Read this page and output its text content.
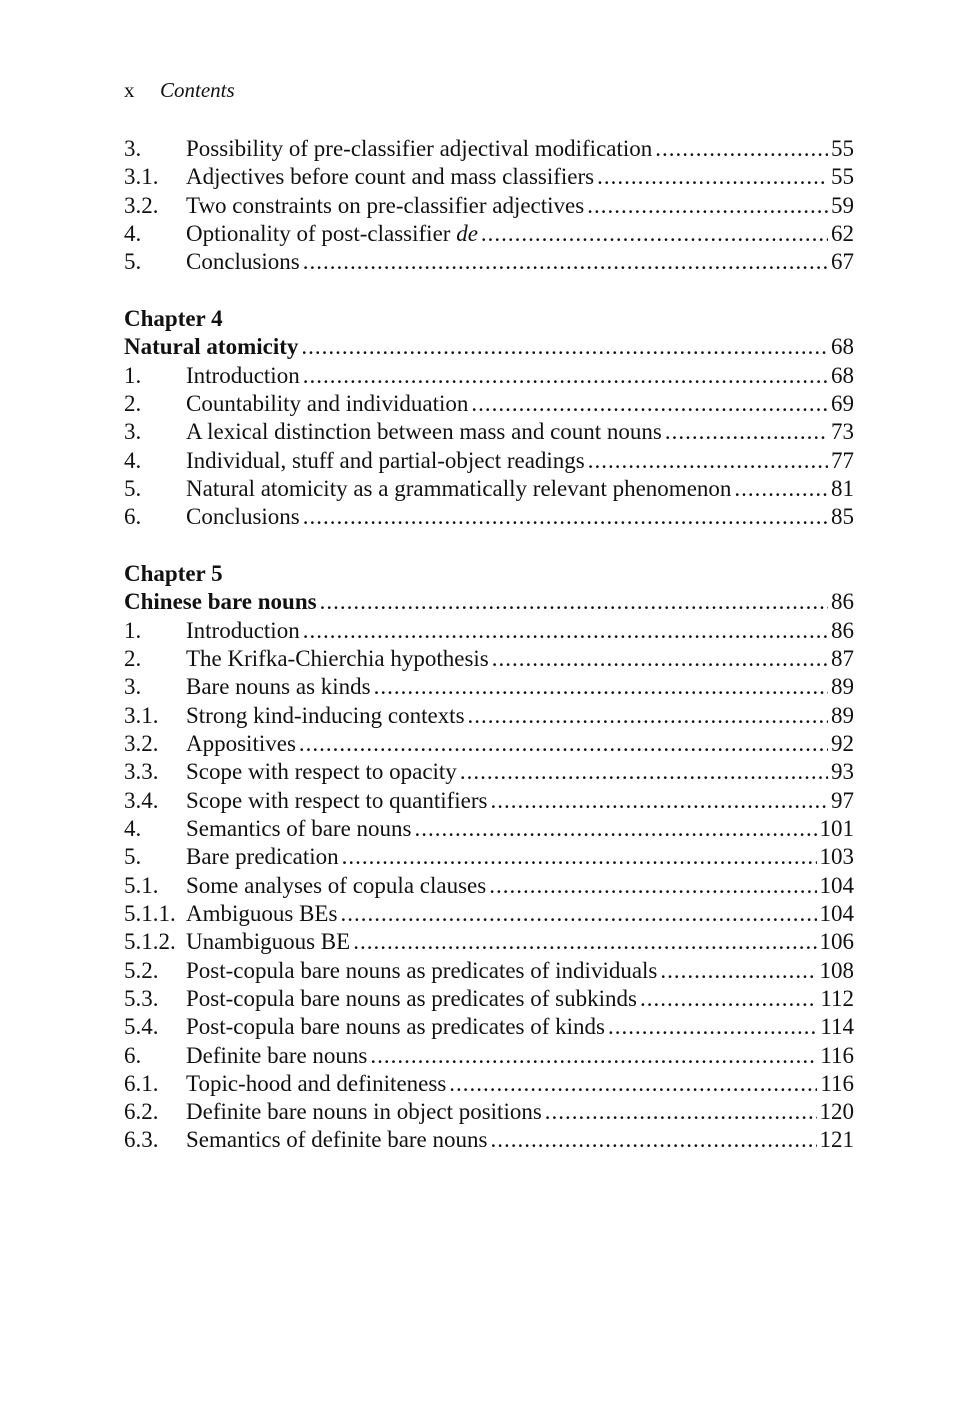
x Contents
3.	Possibility of pre-classifier adjectival modification .....	55
3.1.	Adjectives before count and mass classifiers .....	55
3.2.	Two constraints on pre-classifier adjectives .....	59
4.	Optionality of post-classifier de .....	62
5.	Conclusions .....	67
Chapter 4
Natural atomicity .....	68
1.	Introduction .....	68
2.	Countability and individuation .....	69
3.	A lexical distinction between mass and count nouns .....	73
4.	Individual, stuff and partial-object readings .....	77
5.	Natural atomicity as a grammatically relevant phenomenon .....	81
6.	Conclusions .....	85
Chapter 5
Chinese bare nouns .....	86
1.	Introduction .....	86
2.	The Krifka-Chierchia hypothesis .....	87
3.	Bare nouns as kinds .....	89
3.1.	Strong kind-inducing contexts .....	89
3.2.	Appositives .....	92
3.3.	Scope with respect to opacity .....	93
3.4.	Scope with respect to quantifiers .....	97
4.	Semantics of bare nouns .....	101
5.	Bare predication .....	103
5.1.	Some analyses of copula clauses .....	104
5.1.1. Ambiguous BEs .....	104
5.1.2. Unambiguous BE .....	106
5.2.	Post-copula bare nouns as predicates of individuals .....	108
5.3.	Post-copula bare nouns as predicates of subkinds .....	112
5.4.	Post-copula bare nouns as predicates of kinds .....	114
6.	Definite bare nouns .....	116
6.1.	Topic-hood and definiteness .....	116
6.2.	Definite bare nouns in object positions .....	120
6.3.	Semantics of definite bare nouns .....	121
